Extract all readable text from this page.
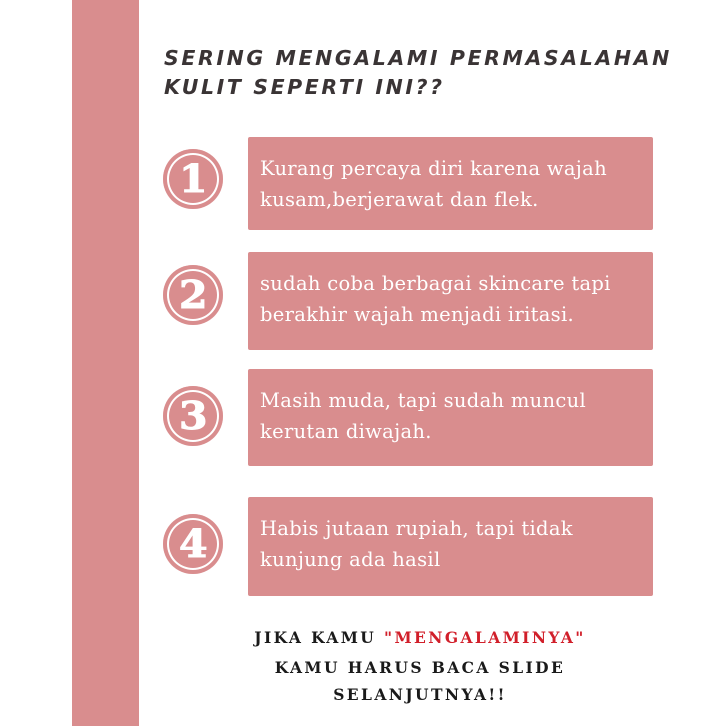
SERING MENGALAMI PERMASALAHAN
KULIT SEPERTI INI??
1	Kurang percaya diri karena wajah
kusam,berjerawat dan flek.
2	sudah coba berbagai skincare tapi
berakhir wajah menjadi iritasi.
3	Masih muda, tapi sudah muncul
kerutan diwajah.
4	Habis jutaan rupiah, tapi tidak
kunjung ada hasil
JIKA KAMU "MENGALAMINYA"
KAMU HARUS BACA SLIDE
SELANJUTNYA!!
